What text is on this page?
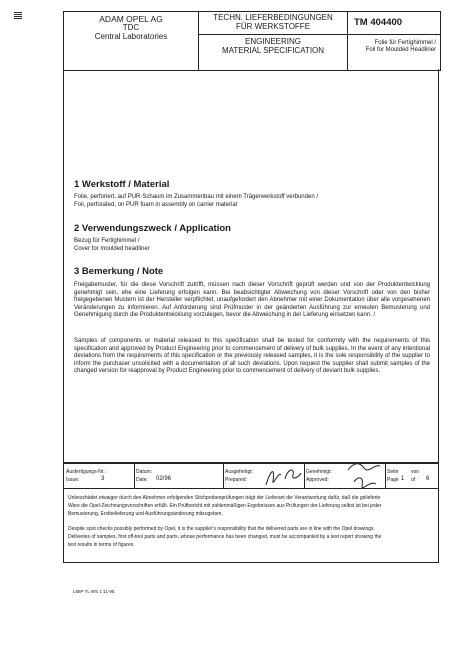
ADAM OPEL AG
TDC
Central Laboratories
TECHN. LIEFERBEDINGUNGEN
FÜR WERKSTOFFE
ENGINEERING
MATERIAL SPECIFICATION
TM 404400
Folie für Fertighimmel /
Foil for Moulded Headliner
1 Werkstoff / Material
Folie, perforiert, auf PUR-Schaum im Zusammenbau mit einem Trägerwerkstoff verbunden /
Foil, perforated, on PUR foam in assembly on carrier material
2 Verwendungszweck / Application
Bezug für Fertighimmel /
Cover for moulded headliner
3 Bemerkung / Note
Freigabemuster, für die diese Vorschrift zutrifft, müssen nach dieser Vorschrift geprüft werden und von der Produktentwicklung genehmigt sein, ehe eine Lieferung erfolgen kann. Bei beabsichtigter Abweichung von dieser Vorschrift oder von den bisher freigegebenen Mustern ist der Hersteller verpflichtet, unaufgefordert den Abnehmer mit einer Dokumentation über alle vorgesehenen Veränderungen zu informieren. Auf Anforderung sind Prüfmuster in der geänderten Ausführung zur erneuten Bemusterung und Genehmigung durch die Produktentwicklung vorzulegen, bevor die Abweichung in der Lieferung einsetzen kann. /
Samples of components or material released to this specification shall be tested for conformity with the requirements of this specification and approved by Product Engineering prior to commencement of delivery of bulk supplies. In the event of any intentional deviations from the requirements of this specification or the previously released samples, it is the sole responsibility of the supplier to inform the purchaser unsolicited with a documentation of all such deviations. Upon request the supplier shall submit samples of the changed version for reapproval by Product Engineering prior to commencement of delivery of deviant bulk supplies.
Ausfertigungs-Nr.:
Issue:	3
Datum:
Date: 02/96
Ausgefertigt:
Prepared:
Genehmigt:
Approved:
Seite
Page 1
von
of 6
Unbeschädet etwaiger durch den Abnehmer erfolgenden Stichprobenprüfungen trägt der Lieferant die Verantwortung dafür, daß die gelieferte
Ware die Opel-Zeichnungsvorschriften erfüllt. Ein Prüfbericht mit zahlenmäßigen Ergebnissen aus Prüfungen der Lieferung selbst ist bei jeder
Bemusterung, Erstbelieferung und Ausführungsänderung mitzugeben.
Despite spot checks possibly performed by Opel, it is the supplier's responsibility that the delivered parts are in line with the Opel drawings.
Deliveries of samples, first off-tool parts and parts, whose performance has been changed, must be accompanied by a test report showing the
test results in terms of figures.
L88P TL WS 1 11-95
